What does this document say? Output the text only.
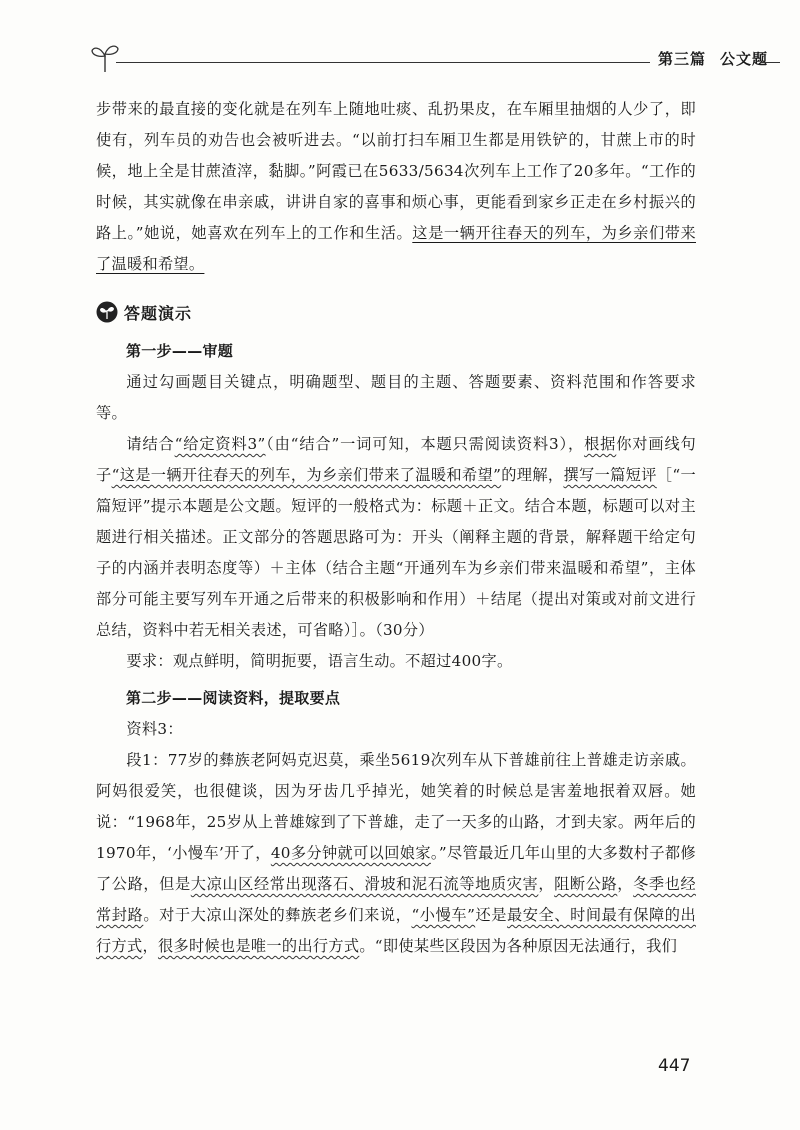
第三篇 公文题

步带来的最直接的变化就是在列车上随地吐痰、乱扔果皮，在车厢里抽烟的人少了，即使有，列车员的劝告也会被听进去。“以前打扫车厢卫生都是用铁铲的，甘蔗上市的时候，地上全是甘蔗渣滓，黏脚。”阿霞已在5633/5634次列车上工作了20多年。“工作的时候，其实就像在串亲戚，讲讲自家的喜事和烦心事，更能看到家乡正走在乡村振兴的路上。”她说，她喜欢在列车上的工作和生活。这是一辆开往春天的列车，为乡亲们带来了温暖和希望。

答题演示

第一步——审题

通过勾画题目关键点，明确题型、题目的主题、答题要素、资料范围和作答要求等。

请结合“给定资料3”（由“结合”一词可知，本题只需阅读资料3），根据你对画线句子“这是一辆开往春天的列车，为乡亲们带来了温暖和希望”的理解，撰写一篇短评［“一篇短评”提示本题是公文题。短评的一般格式为：标题＋正文。结合本题，标题可以对主题进行相关描述。正文部分的答题思路可为：开头（阐释主题的背景，解释题干给定句子的内涵并表明态度等）＋主体（结合主题“开通列车为乡亲们带来温暖和希望”，主体部分可能主要写列车开通之后带来的积极影响和作用）＋结尾（提出对策或对前文进行总结，资料中若无相关表述，可省略）］。（30分）

要求：观点鲜明，简明扼要，语言生动。不超过400字。

第二步——阅读资料，提取要点

资料3：

段1：77岁的彝族老阿妈克迟莫，乘坐5619次列车从下普雄前往上普雄走访亲戚。阿妈很爱笑，也很健谈，因为牙齿几乎掉光，她笑着的时候总是害羞地抿着双唇。她说：“1968年，25岁从上普雄嫁到了下普雄，走了一天多的山路，才到夫家。两年后的1970年，‘小慢车’开了，40多分钟就可以回娘家。”尽管最近几年山里的大多数村子都修了公路，但是大凉山区经常出现落石、滑坡和泥石流等地质灾害，阻断公路，冬季也经常封路。对于大凉山深处的彝族老乡们来说，“小慢车”还是最安全、时间最有保障的出行方式，很多时候也是唯一的出行方式。“即使某些区段因为各种原因无法通行，我们

447
